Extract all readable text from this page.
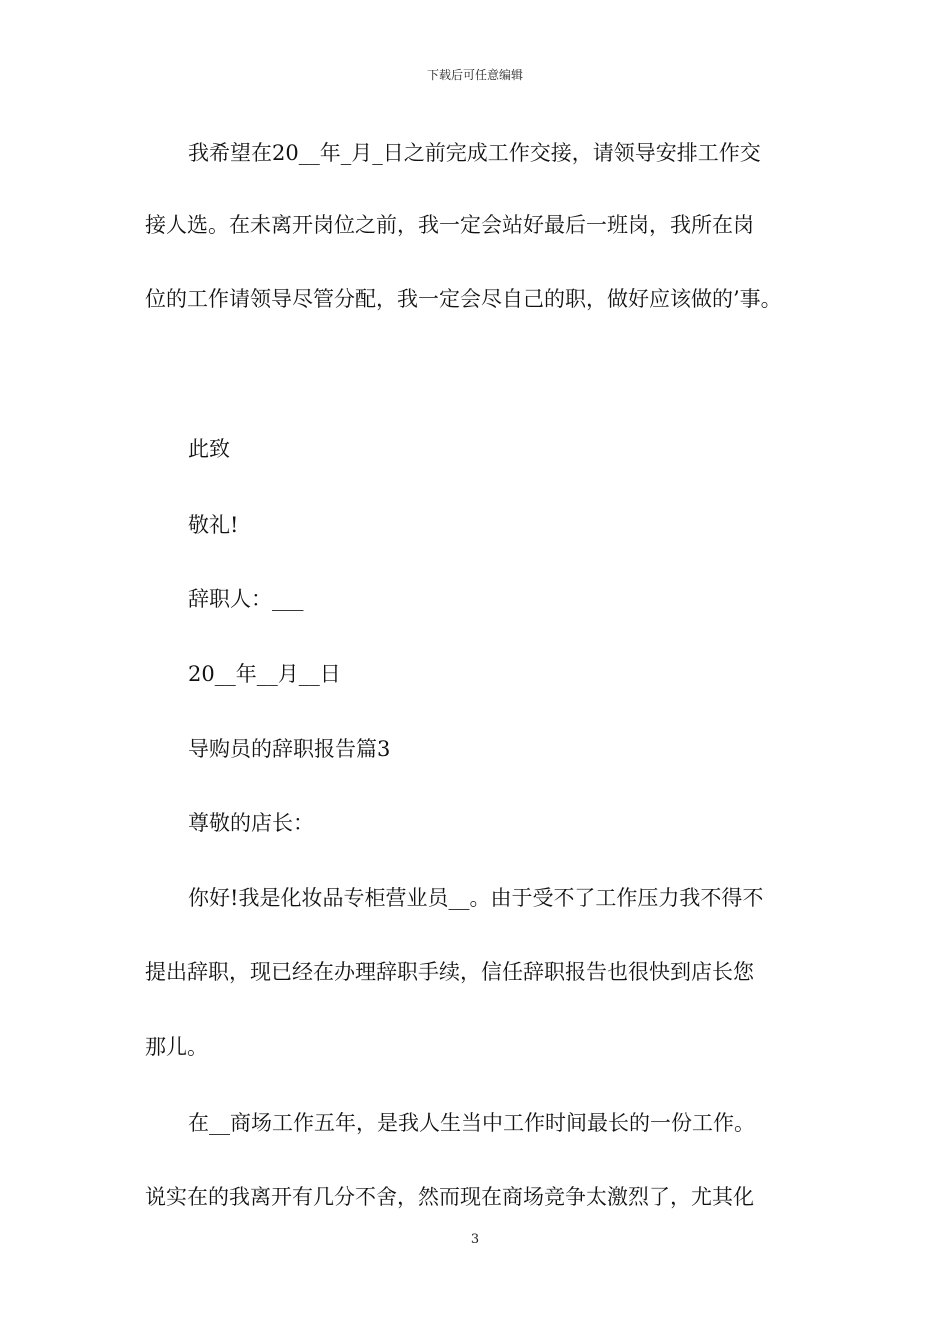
下载后可任意编辑
我希望在20__年_月_日之前完成工作交接，请领导安排工作交
接人选。在未离开岗位之前，我一定会站好最后一班岗，我所在岗
位的工作请领导尽管分配，我一定会尽自己的职，做好应该做的’事。
此致
敬礼!
辞职人：___
20__年__月__日
导购员的辞职报告篇3
尊敬的店长：
你好!我是化妆品专柜营业员__。由于受不了工作压力我不得不
提出辞职，现已经在办理辞职手续，信任辞职报告也很快到店长您
那儿。
在__商场工作五年，是我人生当中工作时间最长的一份工作。
说实在的我离开有几分不舍，然而现在商场竞争太激烈了，尤其化
3
